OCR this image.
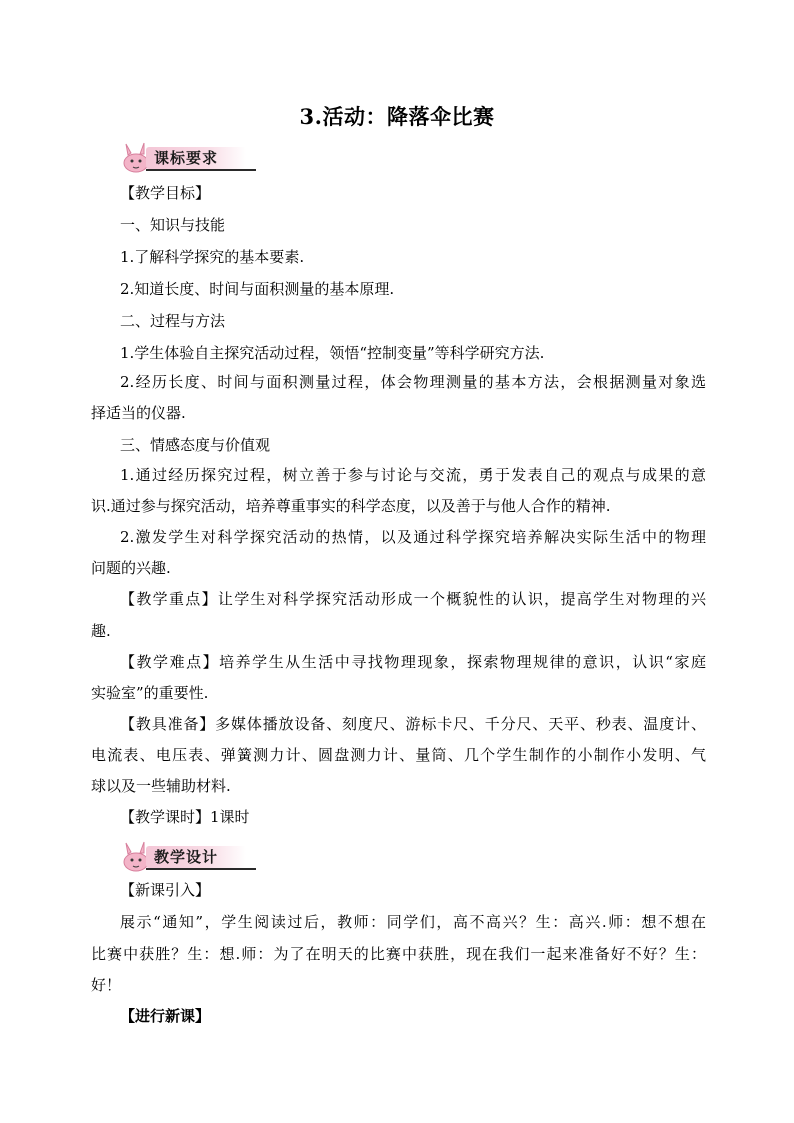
3.活动：降落伞比赛
课标要求
【教学目标】
一、知识与技能
1.了解科学探究的基本要素.
2.知道长度、时间与面积测量的基本原理.
二、过程与方法
1.学生体验自主探究活动过程，领悟“控制变量”等科学研究方法.
2.经历长度、时间与面积测量过程，体会物理测量的基本方法，会根据测量对象选
择适当的仪器.
三、情感态度与价值观
1.通过经历探究过程，树立善于参与讨论与交流，勇于发表自己的观点与成果的意
识.通过参与探究活动，培养尊重事实的科学态度，以及善于与他人合作的精神.
2.激发学生对科学探究活动的热情，以及通过科学探究培养解决实际生活中的物理
问题的兴趣.
【教学重点】让学生对科学探究活动形成一个概貌性的认识，提高学生对物理的兴
趣.
【教学难点】培养学生从生活中寻找物理现象，探索物理规律的意识，认识“家庭
实验室”的重要性.
【教具准备】多媒体播放设备、刻度尺、游标卡尺、千分尺、天平、秒表、温度计、
电流表、电压表、弹簧测力计、圆盘测力计、量筒、几个学生制作的小制作小发明、气
球以及一些辅助材料.
【教学课时】1课时
教学设计
【新课引入】
展示“通知”，学生阅读过后，教师：同学们，高不高兴？生：高兴.师：想不想在
比赛中获胜？生：想.师：为了在明天的比赛中获胜，现在我们一起来准备好不好？生：
好！
【进行新课】
